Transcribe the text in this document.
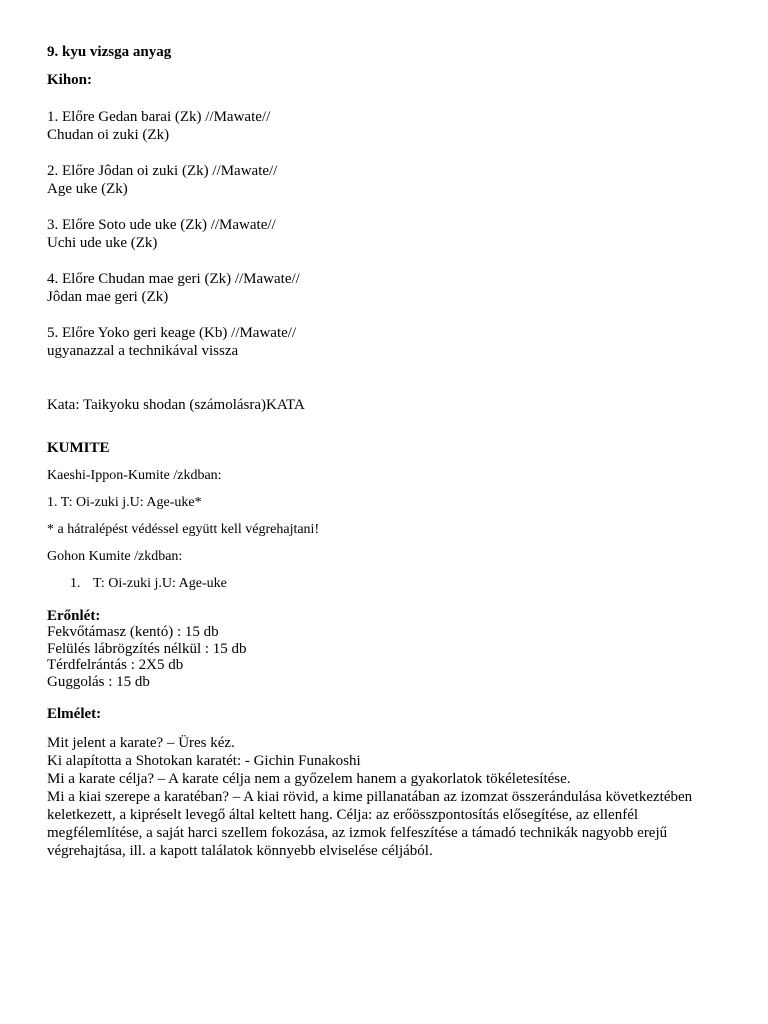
9. kyu vizsga anyag

Kihon:

1. Előre Gedan barai (Zk) //Mawate//
Chudan oi zuki (Zk)
2. Előre Jôdan oi zuki (Zk) //Mawate//
Age uke (Zk)
3. Előre Soto ude uke (Zk) //Mawate//
Uchi ude uke (Zk)
4. Előre Chudan mae geri (Zk) //Mawate//
Jôdan mae geri (Zk)
5. Előre Yoko geri keage (Kb) //Mawate//
ugyanazzal a technikával vissza

Kata: Taikyoku shodan (számolásra)KATA

KUMITE

Kaeshi-Ippon-Kumite /zkdban:

1. T: Oi-zuki j.U: Age-uke*

* a hátralépést védéssel együtt kell végrehajtani!

Gohon Kumite /zkdban:

1. T: Oi-zuki j.U: Age-uke

Erőnlét:

Fekvőtámasz (kentó) : 15 db
Felülés lábrögzítés nélkül : 15 db
Térdfelrántás : 2X5 db
Guggolás : 15 db

Elmélet:

Mit jelent a karate? – Üres kéz.
Ki alapította a Shotokan karatét: - Gichin Funakoshi
Mi a karate célja? – A karate célja nem a győzelem hanem a gyakorlatok tökéletesítése.
Mi a kiai szerepe a karatéban? – A kiai rövid, a kime pillanatában az izomzat összerándulása következtében keletkezett, a kipréselt levegő által keltett hang. Célja: az erőösszpontosítás elősegítése, az ellenfél megfélemlítése, a saját harci szellem fokozása, az izmok felfeszítése a támadó technikák nagyobb erejű végrehajtása, ill. a kapott találatok könnyebb elviselése céljából.
